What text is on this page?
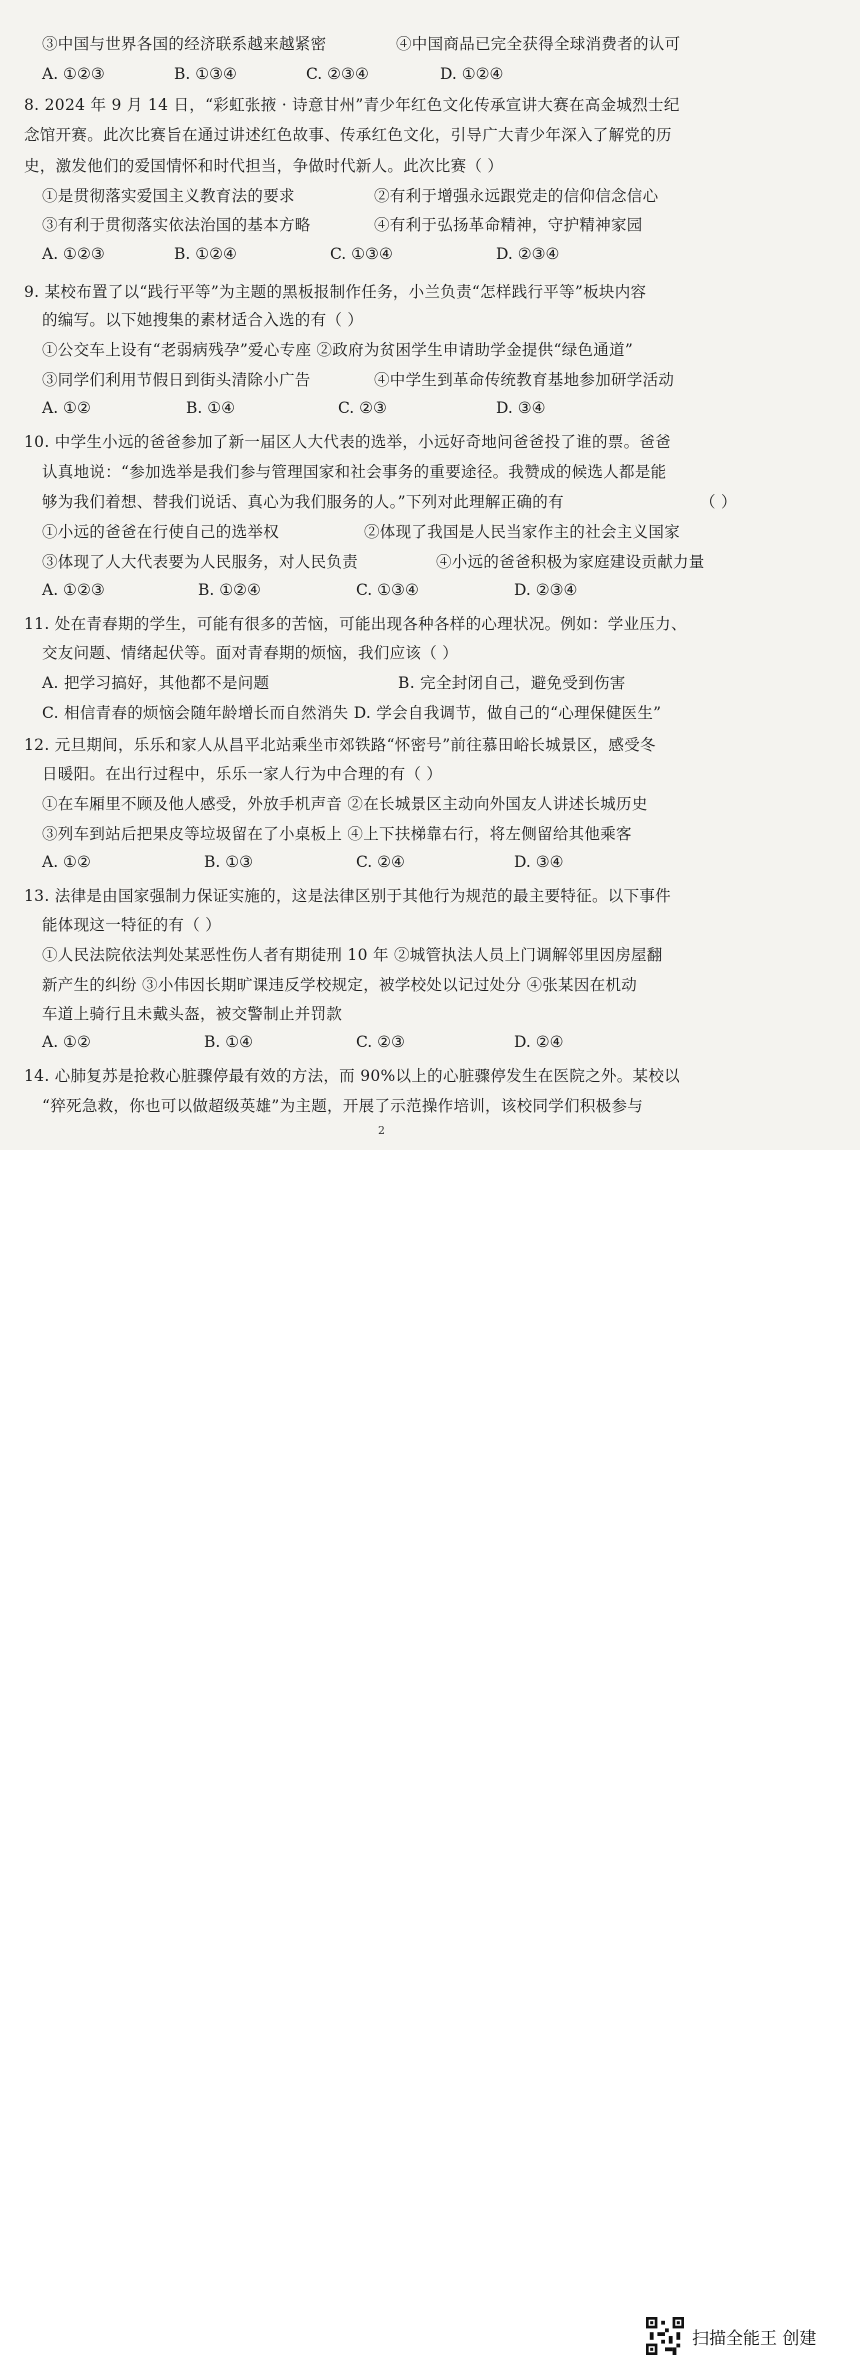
③中国与世界各国的经济联系越来越紧密	④中国商品已完全获得全球消费者的认可
8. 2024 年 9 月 14 日，“彩虹张掖 · 诗意甘州”青少年红色文化传承宣讲大赛在高金城烈士纪
念馆开赛。此次比赛旨在通过讲述红色故事、传承红色文化，引导广大青少年深入了解党的历
史，激发他们的爱国情怀和时代担当，争做时代新人。此次比赛（ ）
①是贯彻落实爱国主义教育法的要求	②有利于增强永远跟党走的信仰信念信心
③有利于贯彻落实依法治国的基本方略	④有利于弘扬革命精神，守护精神家园
9. 某校布置了以“践行平等”为主题的黑板报制作任务，小兰负责“怎样践行平等”板块内容
的编写。以下她搜集的素材适合入选的有（ ）
①公交车上设有“老弱病残孕”爱心专座 ②政府为贫困学生申请助学金提供“绿色通道”
③同学们利用节假日到街头清除小广告	④中学生到革命传统教育基地参加研学活动
10. 中学生小远的爸爸参加了新一届区人大代表的选举，小远好奇地问爸爸投了谁的票。爸爸
认真地说：“参加选举是我们参与管理国家和社会事务的重要途径。我赞成的候选人都是能
够为我们着想、替我们说话、真心为我们服务的人。”下列对此理解正确的有	（ ）
①小远的爸爸在行使自己的选举权	②体现了我国是人民当家作主的社会主义国家
③体现了人大代表要为人民服务，对人民负责	④小远的爸爸积极为家庭建设贡献力量
11. 处在青春期的学生，可能有很多的苦恼，可能出现各种各样的心理状况。例如：学业压力、
交友问题、情绪起伏等。面对青春期的烦恼，我们应该（ ）
A. 把学习搞好，其他都不是问题	B. 完全封闭自己，避免受到伤害
C. 相信青春的烦恼会随年龄增长而自然消失 D. 学会自我调节，做自己的“心理保健医生”
12. 元旦期间，乐乐和家人从昌平北站乘坐市郊铁路“怀密号”前往慕田峪长城景区，感受冬
日暖阳。在出行过程中，乐乐一家人行为中合理的有（ ）
①在车厢里不顾及他人感受，外放手机声音 ②在长城景区主动向外国友人讲述长城历史
③列车到站后把果皮等垃圾留在了小桌板上 ④上下扶梯靠右行，将左侧留给其他乘客
13. 法律是由国家强制力保证实施的，这是法律区别于其他行为规范的最主要特征。以下事件
能体现这一特征的有（ ）
①人民法院依法判处某恶性伤人者有期徒刑 10 年 ②城管执法人员上门调解邻里因房屋翻
新产生的纠纷 ③小伟因长期旷课违反学校规定，被学校处以记过处分 ④张某因在机动
车道上骑行且未戴头盔，被交警制止并罚款
14. 心肺复苏是抢救心脏骤停最有效的方法，而 90%以上的心脏骤停发生在医院之外。某校以
“猝死急救，你也可以做超级英雄”为主题，开展了示范操作培训，该校同学们积极参与
A. ①②③	B. ①③④	C. ②③④	D. ①②④
A. ①②③	B. ①②④	C. ①③④	D. ②③④
A. ①②	B. ①④	C. ②③	D. ③④
A. ①②③	B. ①②④	C. ①③④	D. ②③④
A. ①②	B. ①③	C. ②④	D. ③④
A. ①②	B. ①④	C. ②③	D. ②④
2
扫描全能王 创建
